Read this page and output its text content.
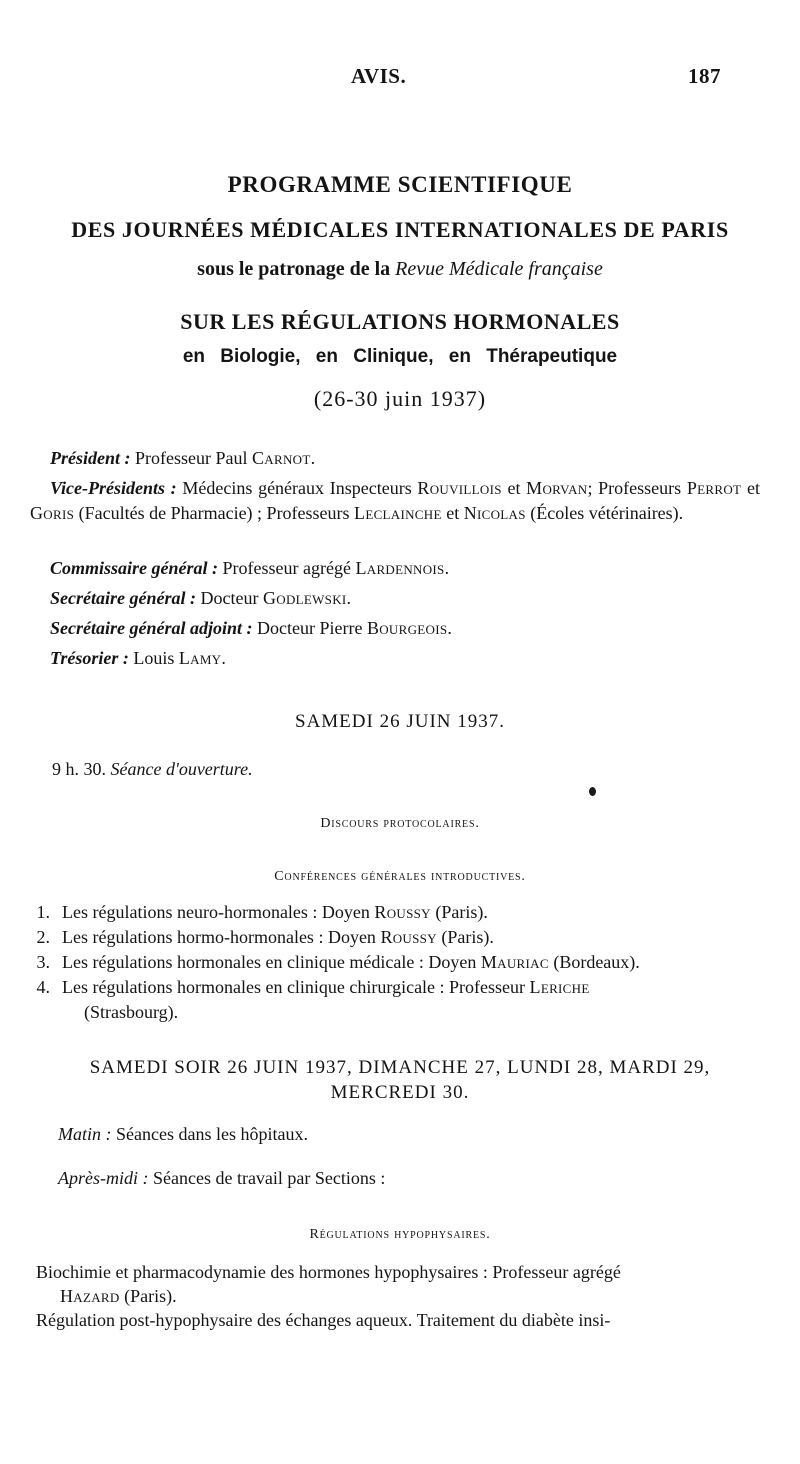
AVIS.	187
PROGRAMME SCIENTIFIQUE
DES JOURNÉES MÉDICALES INTERNATIONALES DE PARIS
sous le patronage de la Revue Médicale française
SUR LES RÉGULATIONS HORMONALES
en Biologie, en Clinique, en Thérapeutique
(26-30 juin 1937)
Président : Professeur Paul Carnot.
Vice-Présidents : Médecins généraux Inspecteurs Rouvillois et Morvan; Professeurs Perrot et Goris (Facultés de Pharmacie) ; Professeurs Leclainche et Nicolas (Écoles vétérinaires).
Commissaire général : Professeur agrégé Lardennois.
Secrétaire général : Docteur Godlewski.
Secrétaire général adjoint : Docteur Pierre Bourgeois.
Trésorier : Louis Lamy.
SAMEDI 26 JUIN 1937.
9 h. 30. Séance d'ouverture.
Discours protocolaires.
Conférences générales introductives.
1. Les régulations neuro-hormonales : Doyen Roussy (Paris).
2. Les régulations hormo-hormonales : Doyen Roussy (Paris).
3. Les régulations hormonales en clinique médicale : Doyen Mauriac (Bordeaux).
4. Les régulations hormonales en clinique chirurgicale : Professeur Leriche
(Strasbourg).
SAMEDI SOIR 26 JUIN 1937, DIMANCHE 27, LUNDI 28, MARDI 29,
MERCREDI 30.
Matin : Séances dans les hôpitaux.
Après-midi : Séances de travail par Sections :
Régulations hypophysaires.
Biochimie et pharmacodynamie des hormones hypophysaires : Professeur agrégé
Hazard (Paris).
Régulation post-hypophysaire des échanges aqueux. Traitement du diabète insi-
